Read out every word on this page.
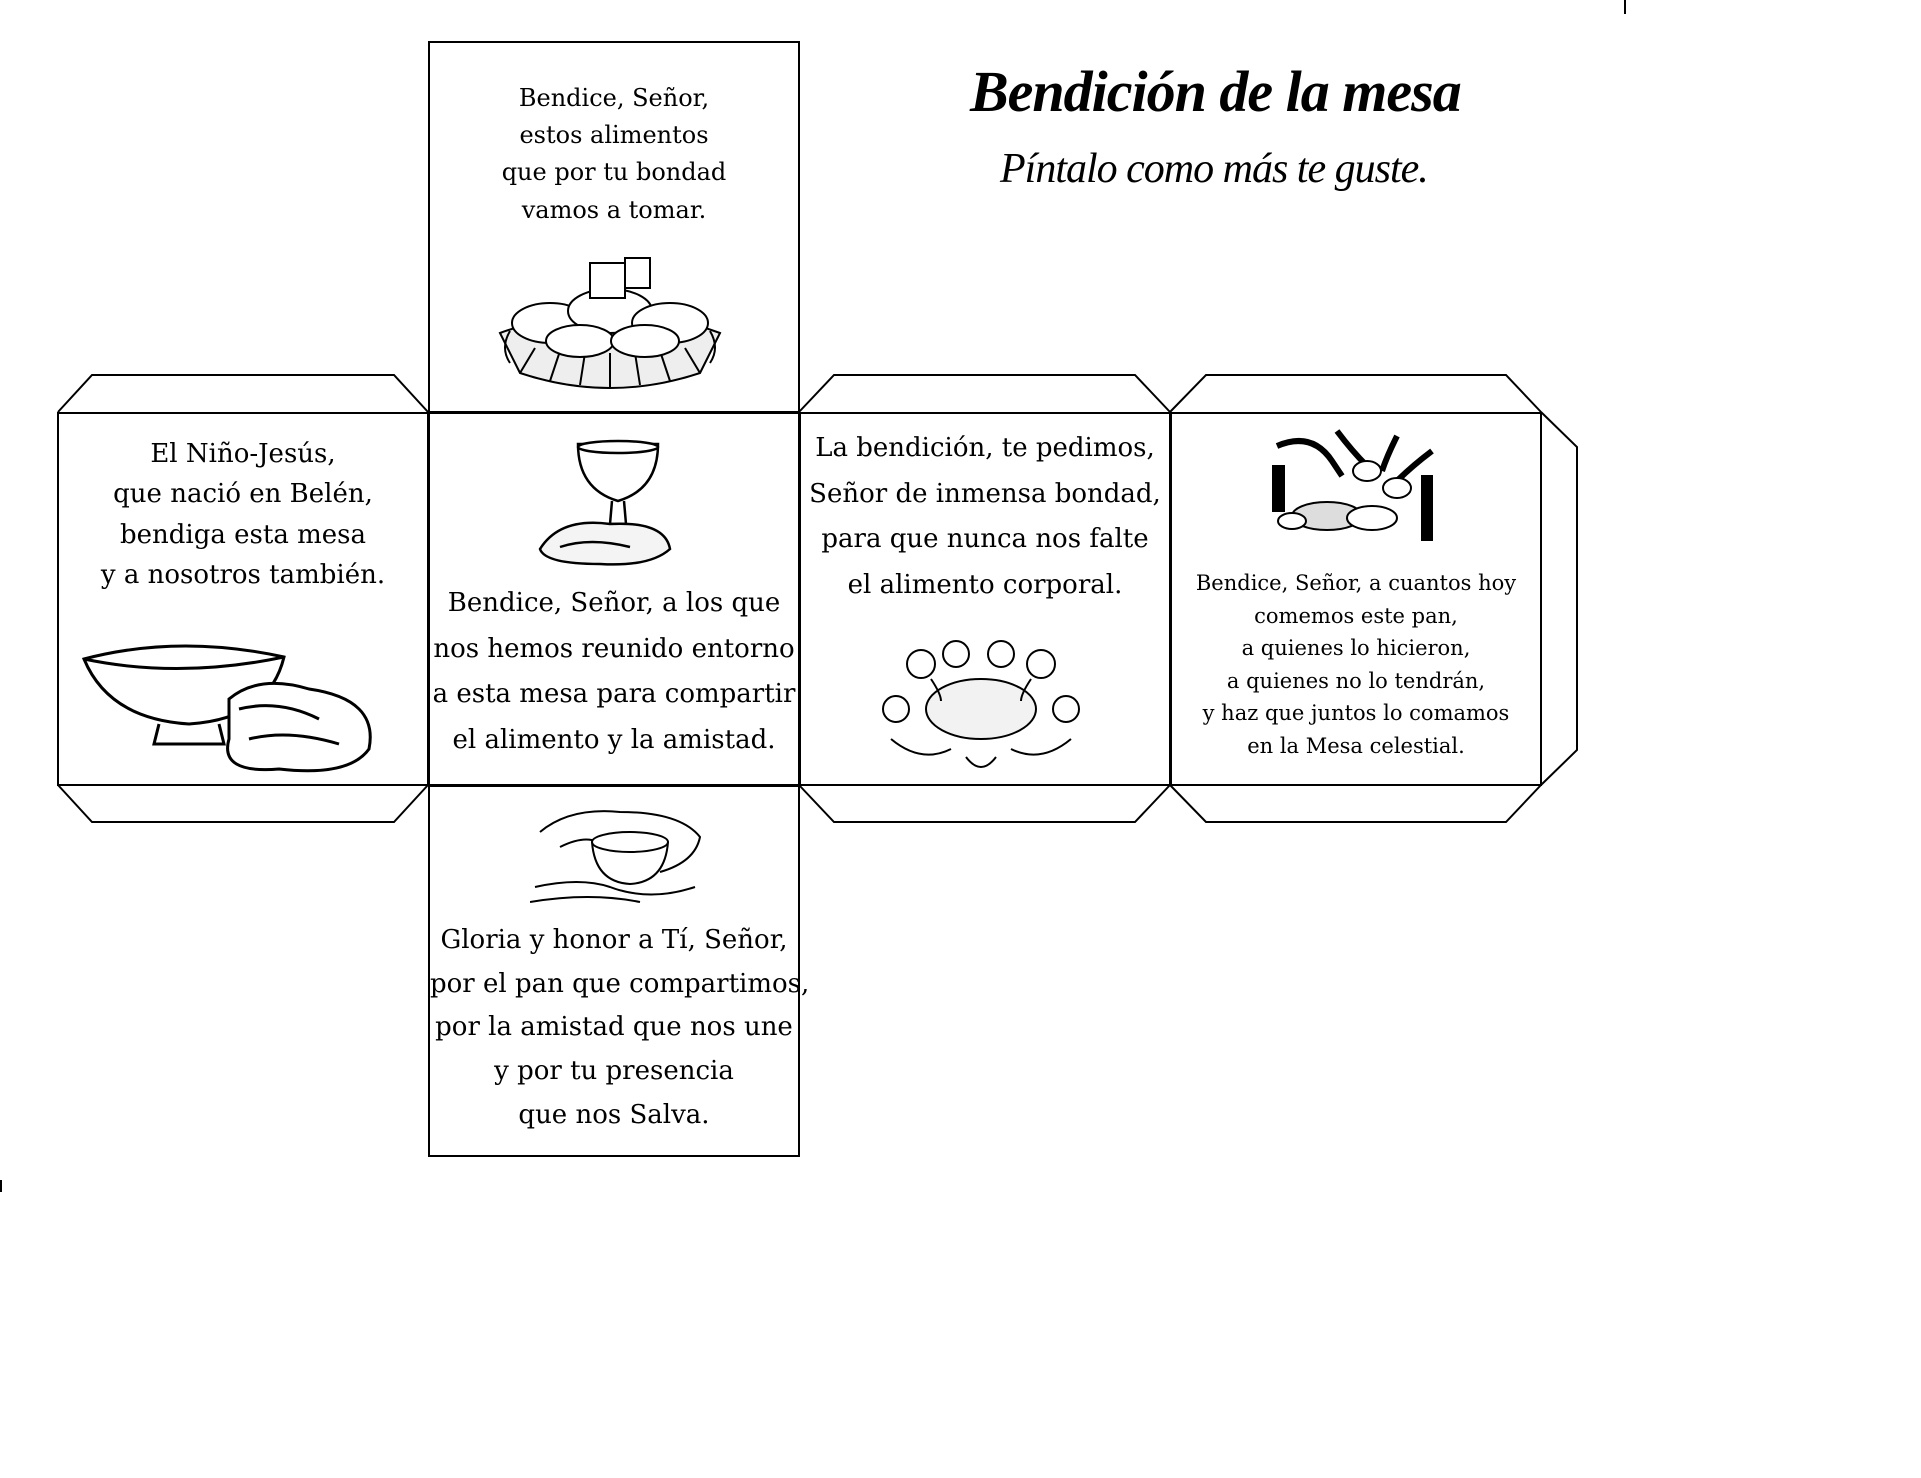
Bendición de la mesa
Píntalo como más te guste.
Bendice, Señor,
estos alimentos
que por tu bondad
vamos a tomar.
El Niño-Jesús,
que nació en Belén,
bendiga esta mesa
y a nosotros también.
Bendice, Señor, a los que
nos hemos reunido entorno
a esta mesa para compartir
el alimento y la amistad.
La bendición, te pedimos,
Señor de inmensa bondad,
para que nunca nos falte
el alimento corporal.	Bendice, Señor, a cuantos hoy
comemos este pan,
a quienes lo hicieron,
a quienes no lo tendrán,
y haz que juntos lo comamos
en la Mesa celestial.
Gloria y honor a Tí, Señor,
por el pan que compartimos,
por la amistad que nos une
y por tu presencia
que nos Salva.
